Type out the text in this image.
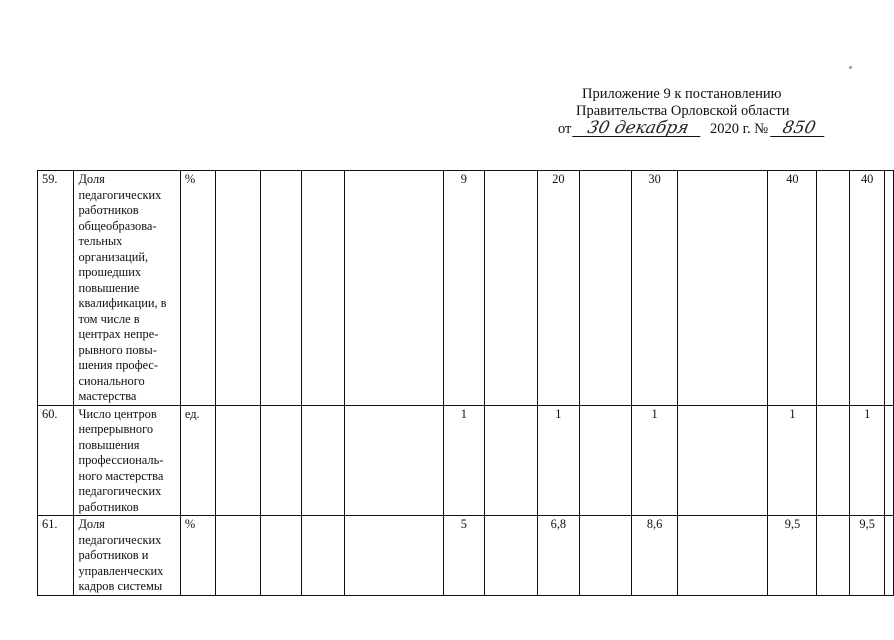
Приложение 9 к постановлению
Правительства Орловской области
от 30 декабря 2020 г. № 850
59.	Доля педагогических работников общеобразова-тельных организаций, прошедших повышение квалификации, в том числе в центрах непре-рывного повы-шения профес-сионального мастерства	%					9		20		30		40		40	
60.	Число центров непрерывного повышения профессиональ-ного мастерства педагогических работников	ед.					1		1		1		1		1	
61.	Доля педагогических работников и управленческих кадров системы	%					5		6,8		8,6		9,5		9,5	
